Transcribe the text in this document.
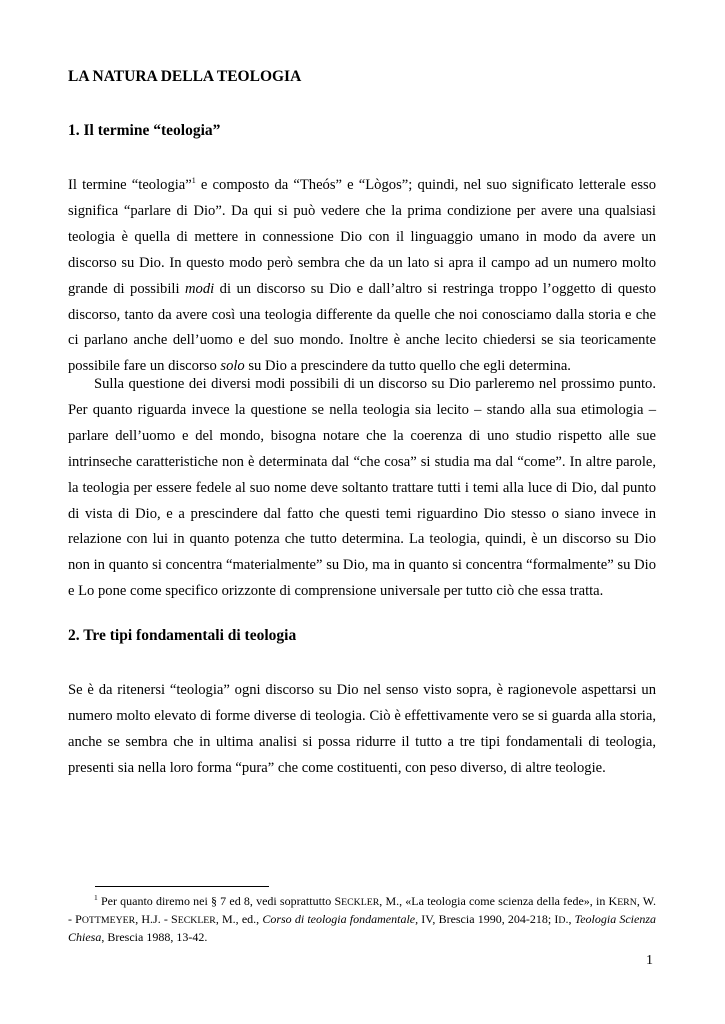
LA NATURA DELLA TEOLOGIA
1. Il termine “teologia”

Il termine “teologia”$^1$ e composto da “Theós” e “Lògos”; quindi, nel suo significato letterale esso significa “parlare di Dio”. Da qui si può vedere che la prima condizione per avere una qualsiasi teologia è quella di mettere in connessione Dio con il linguaggio umano in modo da avere un discorso su Dio. In questo modo però sembra che da un lato si apra il campo ad un numero molto grande di possibili modi di un discorso su Dio e dall’altro si restringa troppo l’oggetto di questo discorso, tanto da avere così una teologia differente da quelle che noi conosciamo dalla storia e che ci parlano anche dell’uomo e del suo mondo. Inoltre è anche lecito chiedersi se sia teoricamente possibile fare un discorso solo su Dio a prescindere da tutto quello che egli determina.

Sulla questione dei diversi modi possibili di un discorso su Dio parleremo nel prossimo punto. Per quanto riguarda invece la questione se nella teologia sia lecito – stando alla sua etimologia – parlare dell’uomo e del mondo, bisogna notare che la coerenza di uno studio rispetto alle sue intrinseche caratteristiche non è determinata dal “che cosa” si studia ma dal “come”. In altre parole, la teologia per essere fedele al suo nome deve soltanto trattare tutti i temi alla luce di Dio, dal punto di vista di Dio, e a prescindere dal fatto che questi temi riguardino Dio stesso o siano invece in relazione con lui in quanto potenza che tutto determina. La teologia, quindi, è un discorso su Dio non in quanto si concentra “materialmente” su Dio, ma in quanto si concentra “formalmente” su Dio e Lo pone come specifico orizzonte di comprensione universale per tutto ciò che essa tratta.

2. Tre tipi fondamentali di teologia

Se è da ritenersi “teologia” ogni discorso su Dio nel senso visto sopra, è ragionevole aspettarsi un numero molto elevato di forme diverse di teologia. Ciò è effettivamente vero se si guarda alla storia, anche se sembra che in ultima analisi si possa ridurre il tutto a tre tipi fondamentali di teologia, presenti sia nella loro forma “pura” che come costituenti, con peso diverso, di altre teologie.

$^1$ Per quanto diremo nei § 7 ed 8, vedi soprattutto SECKLER, M., «La teologia come scienza della fede», in KERN, W. - POTTMEYER, H.J. - SECKLER, M., ed., Corso di teologia fondamentale, IV, Brescia 1990, 204-218; ID., Teologia Scienza Chiesa, Brescia 1988, 13-42.

1
